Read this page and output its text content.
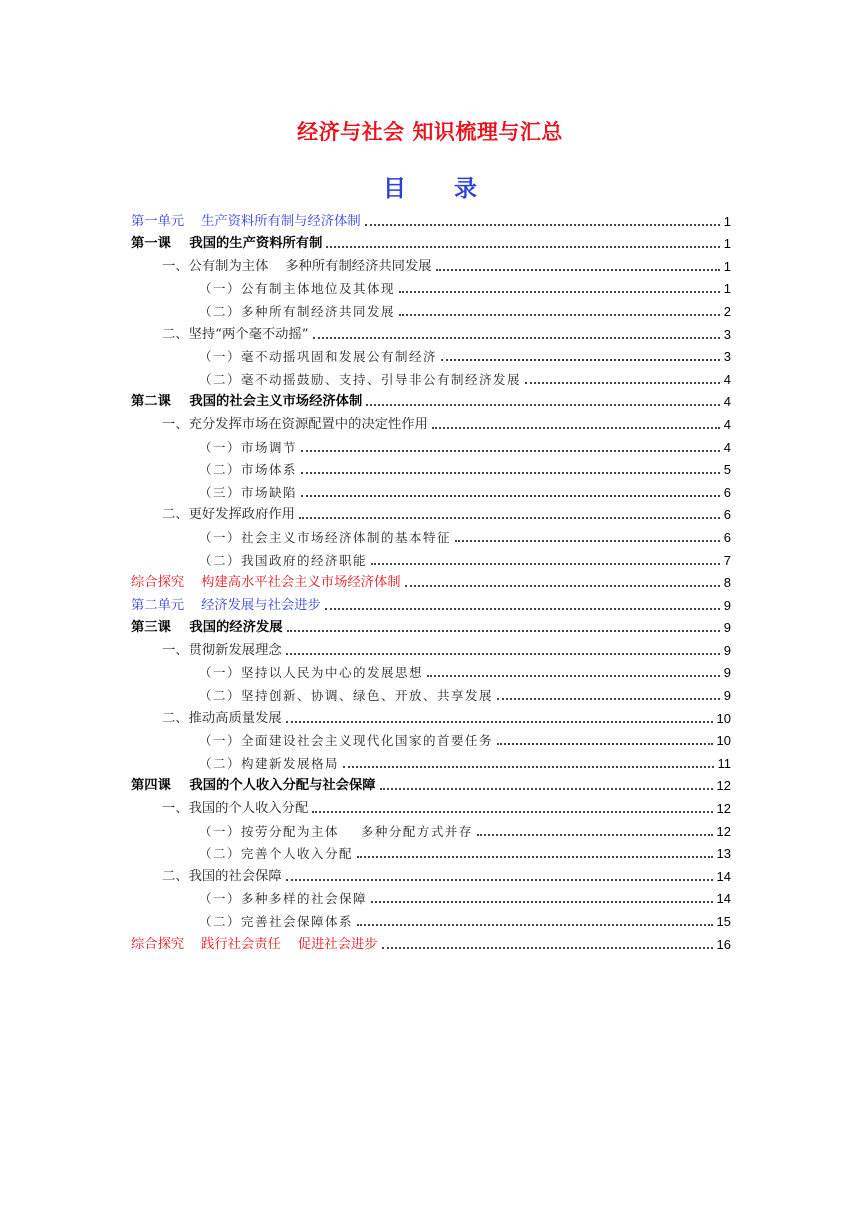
经济与社会 知识梳理与汇总
目 录
第一单元    生产资料所有制与经济体制	1
第一课    我国的生产资料所有制	1
一、公有制为主体    多种所有制经济共同发展	1
（一）公有制主体地位及其体现	1
（二）多种所有制经济共同发展	2
二、坚持“两个毫不动摇”	3
（一）毫不动摇巩固和发展公有制经济	3
（二）毫不动摇鼓励、支持、引导非公有制经济发展	4
第二课    我国的社会主义市场经济体制	4
一、充分发挥市场在资源配置中的决定性作用	4
（一）市场调节	4
（二）市场体系	5
（三）市场缺陷	6
二、更好发挥政府作用	6
（一）社会主义市场经济体制的基本特征	6
（二）我国政府的经济职能	7
综合探究    构建高水平社会主义市场经济体制	8
第二单元    经济发展与社会进步	9
第三课    我国的经济发展	9
一、贯彻新发展理念	9
（一）坚持以人民为中心的发展思想	9
（二）坚持创新、协调、绿色、开放、共享发展	9
二、推动高质量发展	10
（一）全面建设社会主义现代化国家的首要任务	10
（二）构建新发展格局	11
第四课    我国的个人收入分配与社会保障	12
一、我国的个人收入分配	12
（一）按劳分配为主体    多种分配方式并存	12
（二）完善个人收入分配	13
二、我国的社会保障	14
（一）多种多样的社会保障	14
（二）完善社会保障体系	15
综合探究    践行社会责任    促进社会进步	16
